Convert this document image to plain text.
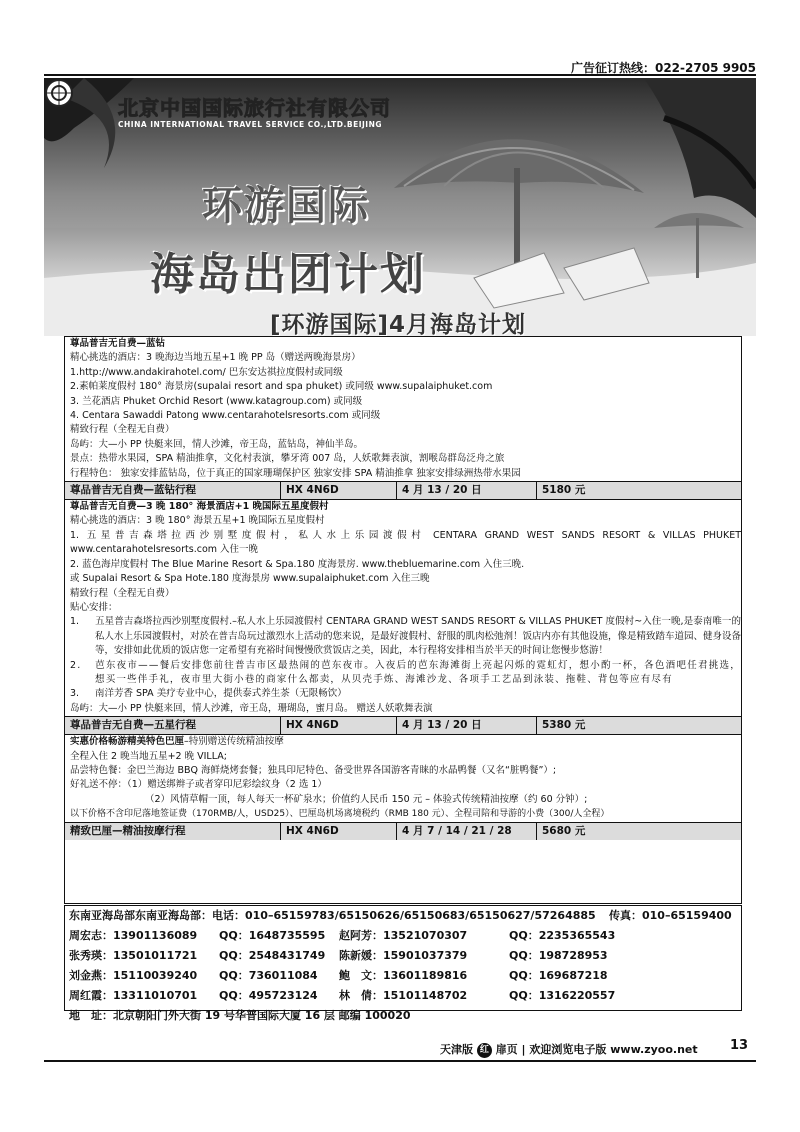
广告征订热线：022-2705 9905
北京中国国际旅行社有限公司
CHINA INTERNATIONAL TRAVEL SERVICE CO.,LTD.BEIJING
环游国际
海岛出团计划
[环游国际]4月海岛计划
尊品普吉无自费—蓝钻
精心挑选的酒店：3 晚海边当地五星+1 晚 PP 岛（赠送两晚海景房）
1.http://www.andakirahotel.com/ 巴东安达祺拉度假村或同级
2.素帕莱度假村 180° 海景房(supalai resort and spa phuket) 或同级 www.supalaiphuket.com
3. 兰花酒店 Phuket Orchid Resort (www.katagroup.com) 或同级
4. Centara Sawaddi Patong www.centarahotelsresorts.com 或同级
精致行程（全程无自费）
岛屿：大—小 PP 快艇来回，情人沙滩，帝王岛，蓝钻岛，神仙半岛。
景点：热带水果园，SPA 精油推拿，文化村表演，攀牙湾 007 岛，人妖歌舞表演，割喉岛群岛泛舟之旅
行程特色： 独家安排蓝钻岛，位于真正的国家珊瑚保护区 独家安排 SPA 精油推拿 独家安排绿洲热带水果园
尊品普吉无自费—蓝钻行程	HX 4N6D	4 月 13 / 20 日	5180 元
尊品普吉无自费—3 晚 180° 海景酒店+1 晚国际五星度假村
精心挑选的酒店：3 晚 180° 海景五星+1 晚国际五星度假村
1. 五星普吉森塔拉西沙别墅度假村，私人水上乐园渡假村 CENTARA GRAND WEST SANDS RESORT & VILLAS PHUKET
www.centarahotelsresorts.com 入住一晚
2. 蓝色海岸度假村 The Blue Marine Resort & Spa.180 度海景房. www.thebluemarine.com 入住三晚.
或 Supalai Resort & Spa Hote.180 度海景房 www.supalaiphuket.com 入住三晚
精致行程（全程无自费）
贴心安排：
1. 五星普吉森塔拉西沙别墅度假村.–私人水上乐园渡假村 CENTARA GRAND WEST SANDS RESORT & VILLAS PHUKET 度假村~入住一晚,是泰南唯一的私人水上乐园渡假村，对於在普吉岛玩过激烈水上活动的您来说，是最好渡假村、舒服的肌肉松弛剂！饭店内亦有其他设施，像是精致踏车道园、健身设备等，安排如此优质的饭店您一定希望有充裕时间慢慢欣赏饭店之美，因此，本行程将安排相当於半天的时间让您慢步悠游！
2. 芭东夜市——餐后安排您前往普吉市区最热闹的芭东夜市。入夜后的芭东海滩街上亮起闪烁的霓虹灯，想小酌一杯，各色酒吧任君挑选，想买一些伴手礼，夜市里大街小巷的商家什么都卖，从贝壳手炼、海滩沙龙、各项手工艺品到泳装、拖鞋、背包等应有尽有
3. 南洋芳香 SPA 美疗专业中心，提供泰式养生茶（无限畅饮）
岛屿：大—小 PP 快艇来回，情人沙滩，帝王岛，珊瑚岛，蜜月岛。 赠送人妖歌舞表演
尊品普吉无自费—五星行程	HX 4N6D	4 月 13 / 20 日	5380 元
实惠价格畅游精美特色巴厘–特别赠送传统精油按摩
全程入住 2 晚当地五星+2 晚 VILLA;
品尝特色餐：金巴兰海边 BBQ 海鲜烧烤套餐；独具印尼特色、备受世界各国游客青睐的水晶鸭餐（又名“脏鸭餐”）;
好礼送不停：（1）赠送绑辫子或者穿印尼彩绘纹身（2 选 1）
（2）风情草帽一顶，每人每天一杯矿泉水；价值约人民币 150 元 – 体验式传统精油按摩（约 60 分钟）;
以下价格不含印尼落地签证费（170RMB/人，USD25）、巴厘岛机场离境税约（RMB 180 元）、全程司陪和导游的小费（300/人全程）
精致巴厘—精油按摩行程	HX 4N6D	4 月 7 / 14 / 21 / 28	5680 元
东南亚海岛部东南亚海岛部：电话：010–65159783/65150626/65150683/65150627/57264885	传真：010–65159400
周宏志：13901136089	QQ：1648735595	赵阿芳：13521070307	QQ：2235365543
张秀瑛：13501011721	QQ：2548431749	陈新媛：15901037379	QQ：198728953
刘金燕：15110039240	QQ：736011084	鲍　文：13601189816	QQ：169687218
周红霞：13311010701	QQ：495723124	林　倩：15101148702	QQ：1316220557
地　址：北京朝阳门外大街 19 号华普国际大厦 16 层 邮编 100020
天津版 红 扉页 | 欢迎浏览电子版 www.zyoo.net 13
